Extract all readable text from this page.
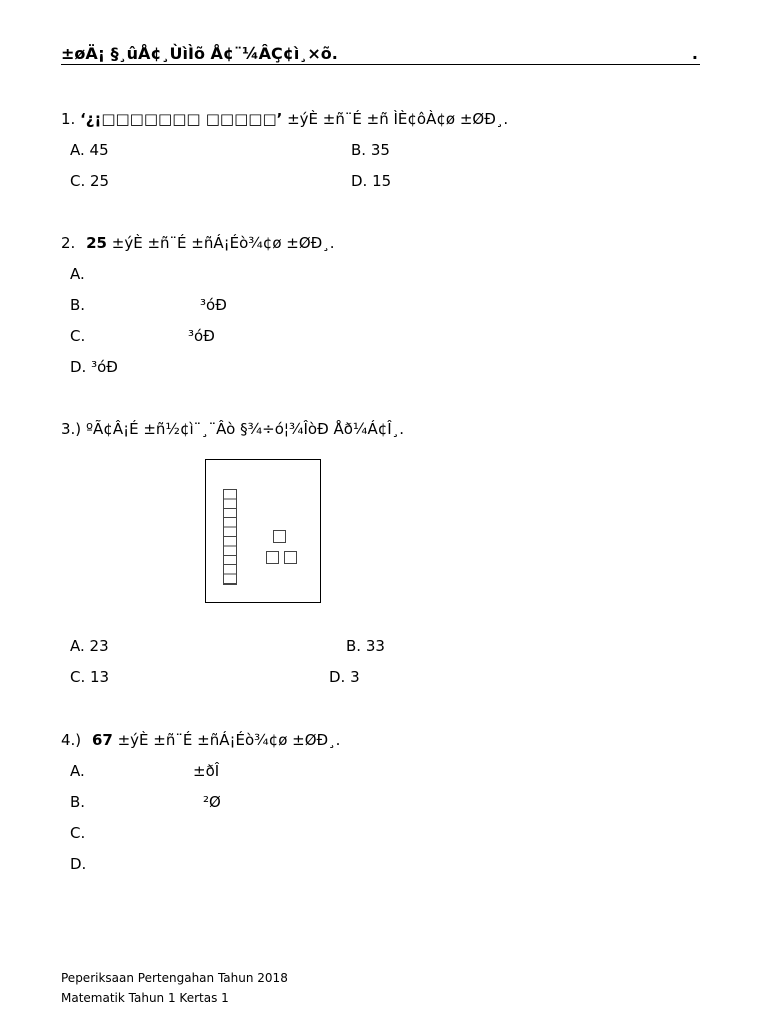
±øÄ¡ §¸ûÅ¢¸ÙìÌõ Å¢¨¼ÂÇ¢ì¸×õ.	.
1. ‘¿¡□□□□□□□ □□□□□’ ±ýÈ ±ñ¨É ±ñ ÌÈ¢ôÀ¢ø ±ØÐ¸.
A. 45	B. 35
C. 25	D. 15
2. 25 ±ýÈ ±ñ¨É ±ñÁ¡Éò¾¢ø ±ØÐ¸.
A.
B.	³óÐ
C.	³óÐ
D. ³óÐ
3.) ºÃ¢Â¡É ±ñ½¢ì¨¸¨Âò §¾÷ó¦¾ÎòÐ Åð¼Á¢Î¸.
A. 23	B. 33
C. 13	D. 3
4.) 67 ±ýÈ ±ñ¨É ±ñÁ¡Éò¾¢ø ±ØÐ¸.
A.	±ðÎ
B.	²Ø
C.
D.
Peperiksaan Pertengahan Tahun 2018
Matematik Tahun 1 Kertas 1
